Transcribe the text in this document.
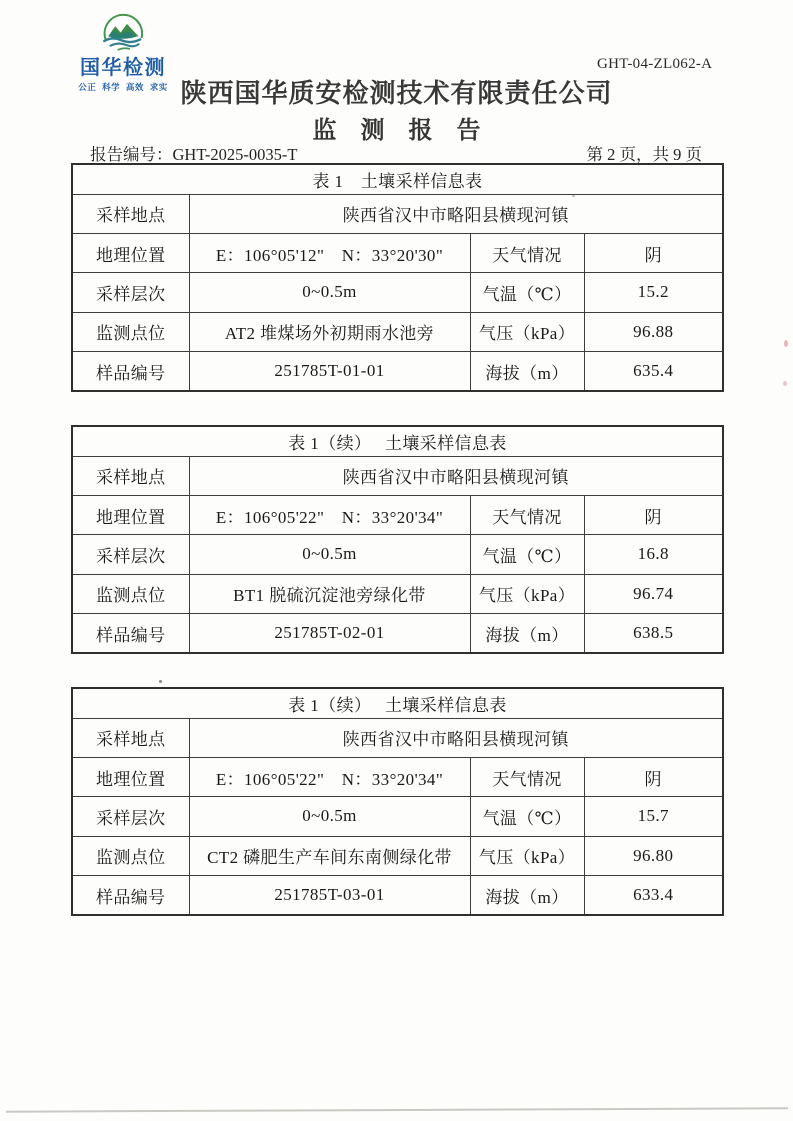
国华检测
公正 科学 高效 求实
GHT-04-ZL062-A
陕西国华质安检测技术有限责任公司
监　测　报　告
报告编号：GHT-2025-0035-T	第 2 页，共 9 页
表 1　土壤采样信息表			
采样地点	陕西省汉中市略阳县横现河镇		
地理位置	E：106°05'12"　N：33°20'30"	天气情况	阴
采样层次	0~0.5m	气温（℃）	15.2
监测点位	AT2 堆煤场外初期雨水池旁	气压（kPa）	96.88
样品编号	251785T-01-01	海拔（m）	635.4
表 1（续）　 土壤采样信息表			
采样地点	陕西省汉中市略阳县横现河镇		
地理位置	E：106°05'22"　N：33°20'34"	天气情况	阴
采样层次	0~0.5m	气温（℃）	16.8
监测点位	BT1 脱硫沉淀池旁绿化带	气压（kPa）	96.74
样品编号	251785T-02-01	海拔（m）	638.5
表 1（续）　 土壤采样信息表			
采样地点	陕西省汉中市略阳县横现河镇		
地理位置	E：106°05'22"　N：33°20'34"	天气情况	阴
采样层次	0~0.5m	气温（℃）	15.7
监测点位	CT2 磷肥生产车间东南侧绿化带	气压（kPa）	96.80
样品编号	251785T-03-01	海拔（m）	633.4
